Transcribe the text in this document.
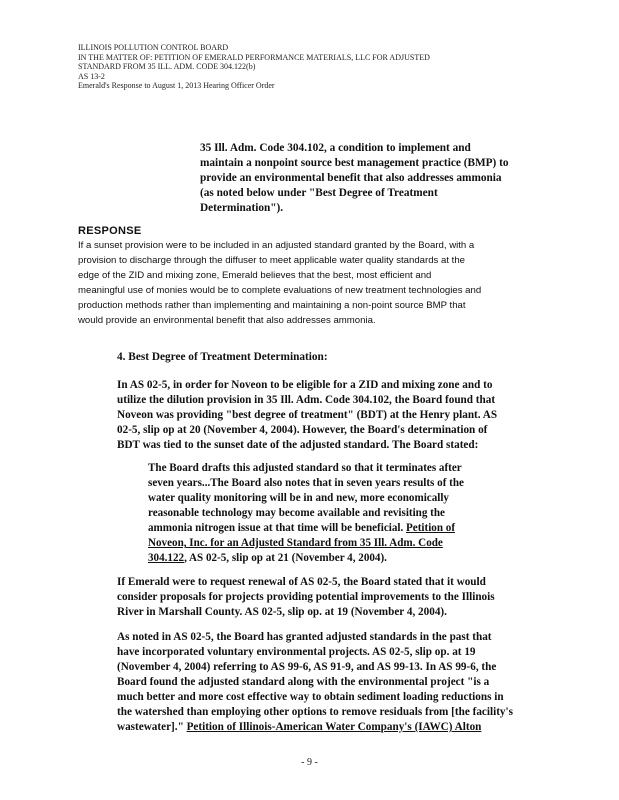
ILLINOIS POLLUTION CONTROL BOARD
IN THE MATTER OF: PETITION OF EMERALD PERFORMANCE MATERIALS, LLC FOR ADJUSTED
STANDARD FROM 35 ILL. ADM. CODE 304.122(b)
AS 13-2
Emerald's Response to August 1, 2013 Hearing Officer Order
35 Ill. Adm. Code 304.102, a condition to implement and
maintain a nonpoint source best management practice (BMP) to
provide an environmental benefit that also addresses ammonia
(as noted below under "Best Degree of Treatment
Determination").
RESPONSE
If a sunset provision were to be included in an adjusted standard granted by the Board, with a
provision to discharge through the diffuser to meet applicable water quality standards at the
edge of the ZID and mixing zone, Emerald believes that the best, most efficient and
meaningful use of monies would be to complete evaluations of new treatment technologies and
production methods rather than implementing and maintaining a non-point source BMP that
would provide an environmental benefit that also addresses ammonia.
4. Best Degree of Treatment Determination:
In AS 02-5, in order for Noveon to be eligible for a ZID and mixing zone and to
utilize the dilution provision in 35 Ill. Adm. Code 304.102, the Board found that
Noveon was providing "best degree of treatment" (BDT) at the Henry plant. AS
02-5, slip op at 20 (November 4, 2004). However, the Board's determination of
BDT was tied to the sunset date of the adjusted standard. The Board stated:
The Board drafts this adjusted standard so that it terminates after
seven years...The Board also notes that in seven years results of the
water quality monitoring will be in and new, more economically
reasonable technology may become available and revisiting the
ammonia nitrogen issue at that time will be beneficial. Petition of
Noveon, Inc. for an Adjusted Standard from 35 Ill. Adm. Code
304.122, AS 02-5, slip op at 21 (November 4, 2004).
If Emerald were to request renewal of AS 02-5, the Board stated that it would
consider proposals for projects providing potential improvements to the Illinois
River in Marshall County. AS 02-5, slip op. at 19 (November 4, 2004).
As noted in AS 02-5, the Board has granted adjusted standards in the past that
have incorporated voluntary environmental projects. AS 02-5, slip op. at 19
(November 4, 2004) referring to AS 99-6, AS 91-9, and AS 99-13. In AS 99-6, the
Board found the adjusted standard along with the environmental project "is a
much better and more cost effective way to obtain sediment loading reductions in
the watershed than employing other options to remove residuals from [the facility's
wastewater]." Petition of Illinois-American Water Company's (IAWC) Alton
- 9 -
